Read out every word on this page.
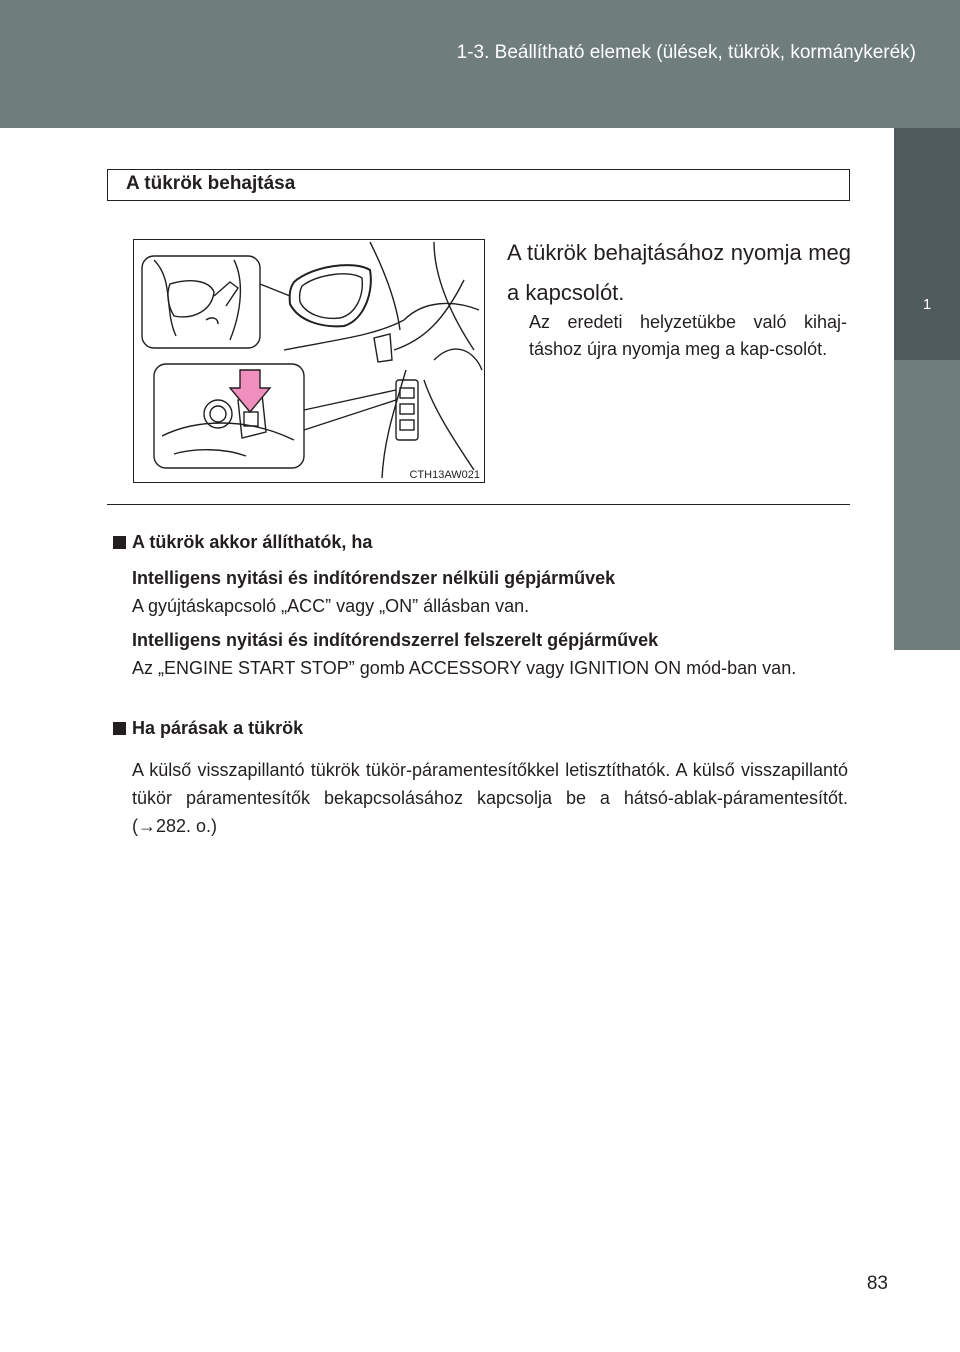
1-3. Beállítható elemek (ülések, tükrök, kormánykerék)
1
Mielőtt elindul
A tükrök behajtása
CTH13AW021
A tükrök behajtásához nyomja meg a kapcsolót.
Az eredeti helyzetükbe való kihaj-táshoz újra nyomja meg a kap-csolót.
A tükrök akkor állíthatók, ha
Intelligens nyitási és indítórendszer nélküli gépjárművek
A gyújtáskapcsoló „ACC” vagy „ON” állásban van.
Intelligens nyitási és indítórendszerrel felszerelt gépjárművek
Az „ENGINE START STOP” gomb ACCESSORY vagy IGNITION ON mód-ban van.
Ha párásak a tükrök
A külső visszapillantó tükrök tükör-páramentesítőkkel letisztíthatók. A külső visszapillantó tükör páramentesítők bekapcsolásához kapcsolja be a hátsó-ablak-páramentesítőt. (→282. o.)
83
